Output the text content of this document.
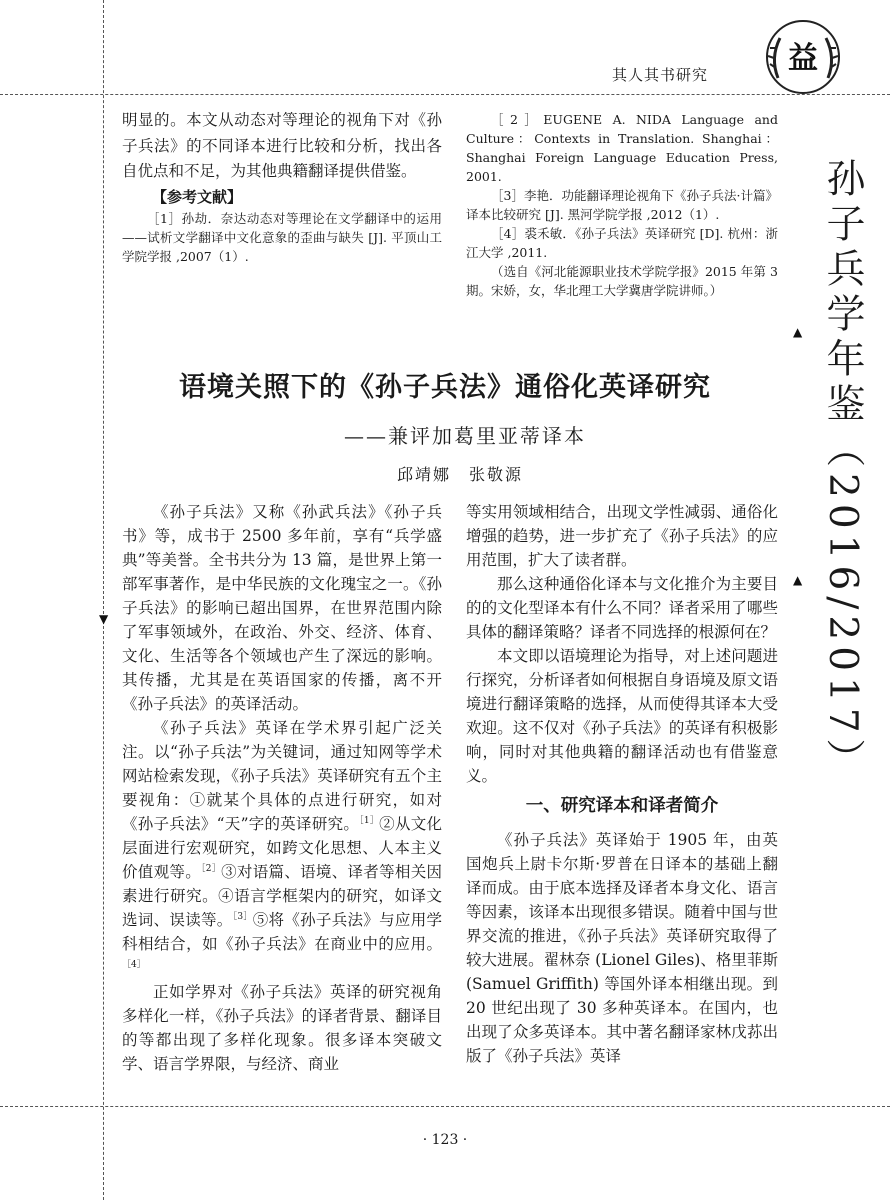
▼
▲
▲
其人其书研究	益
孙子兵学年鉴（2016/2017）

明显的。本文从动态对等理论的视角下对《孙子兵法》的不同译本进行比较和分析，找出各自优点和不足，为其他典籍翻译提供借鉴。

【参考文献】

［1］孙劫．奈达动态对等理论在文学翻译中的运用——试析文学翻译中文化意象的歪曲与缺失 [J]. 平顶山工学院学报 ,2007（1）.

［2］EUGENE A. NIDA Language and Culture：Contexts in Translation. Shanghai：Shanghai Foreign Language Education Press, 2001.

［3］李艳．功能翻译理论视角下《孙子兵法·计篇》译本比较研究 [J]. 黑河学院学报 ,2012（1）.

［4］裘禾敏．《孙子兵法》英译研究 [D]. 杭州：浙江大学 ,2011.

（选自《河北能源职业技术学院学报》2015 年第 3 期。宋娇，女，华北理工大学冀唐学院讲师。）

语境关照下的《孙子兵法》通俗化英译研究
——兼评加葛里亚蒂译本
邱靖娜　张敬源

《孙子兵法》又称《孙武兵法》《孙子兵书》等，成书于 2500 多年前，享有“兵学盛典”等美誉。全书共分为 13 篇，是世界上第一部军事著作，是中华民族的文化瑰宝之一。《孙子兵法》的影响已超出国界，在世界范围内除了军事领域外，在政治、外交、经济、体育、文化、生活等各个领域也产生了深远的影响。其传播，尤其是在英语国家的传播，离不开《孙子兵法》的英译活动。

《孙子兵法》英译在学术界引起广泛关注。以“孙子兵法”为关键词，通过知网等学术网站检索发现，《孙子兵法》英译研究有五个主要视角：①就某个具体的点进行研究，如对《孙子兵法》“天”字的英译研究。$^{[1]}$②从文化层面进行宏观研究，如跨文化思想、人本主义价值观等。$^{[2]}$③对语篇、语境、译者等相关因素进行研究。④语言学框架内的研究，如译文选词、误读等。$^{[3]}$⑤将《孙子兵法》与应用学科相结合，如《孙子兵法》在商业中的应用。$^{[4]}$

正如学界对《孙子兵法》英译的研究视角多样化一样，《孙子兵法》的译者背景、翻译目的等都出现了多样化现象。很多译本突破文学、语言学界限，与经济、商业

等实用领域相结合，出现文学性减弱、通俗化增强的趋势，进一步扩充了《孙子兵法》的应用范围，扩大了读者群。

那么这种通俗化译本与文化推介为主要目的的文化型译本有什么不同？译者采用了哪些具体的翻译策略？译者不同选择的根源何在？

本文即以语境理论为指导，对上述问题进行探究，分析译者如何根据自身语境及原文语境进行翻译策略的选择，从而使得其译本大受欢迎。这不仅对《孙子兵法》的英译有积极影响，同时对其他典籍的翻译活动也有借鉴意义。

一、研究译本和译者简介

《孙子兵法》英译始于 1905 年，由英国炮兵上尉卡尔斯·罗普在日译本的基础上翻译而成。由于底本选择及译者本身文化、语言等因素，该译本出现很多错误。随着中国与世界交流的推进，《孙子兵法》英译研究取得了较大进展。翟林奈 (Lionel Giles)、格里菲斯 (Samuel Griffith) 等国外译本相继出现。到 20 世纪出现了 30 多种英译本。在国内，也出现了众多英译本。其中著名翻译家林戊荪出版了《孙子兵法》英译

· 123 ·
